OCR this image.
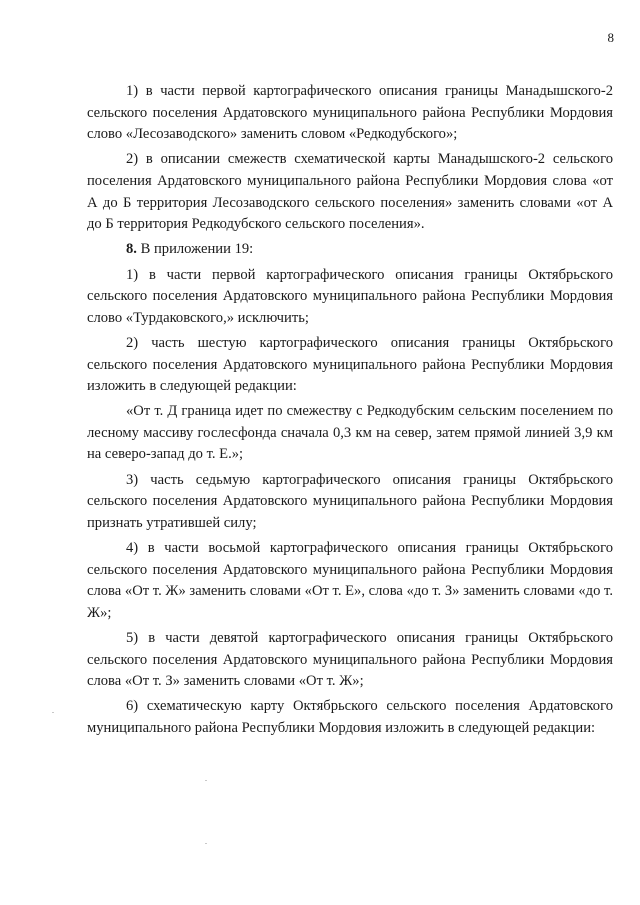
8

1) в части первой картографического описания границы Манадышского-2 сельского поселения Ардатовского муниципального района Республики Мордовия слово «Лесозаводского» заменить словом «Редкодубского»;

2) в описании смежеств схематической карты Манадышского-2 сельского поселения Ардатовского муниципального района Республики Мордовия слова «от А до Б территория Лесозаводского сельского поселения» заменить словами «от А до Б территория Редкодубского сельского поселения».

8. В приложении 19:

1) в части первой картографического описания границы Октябрьского сельского поселения Ардатовского муниципального района Республики Мордовия слово «Турдаковского,» исключить;

2) часть шестую картографического описания границы Октябрьского сельского поселения Ардатовского муниципального района Республики Мордовия изложить в следующей редакции:

«От т. Д граница идет по смежеству с Редкодубским сельским поселением по лесному массиву гослесфонда сначала 0,3 км на север, затем прямой линией 3,9 км на северо-запад до т. Е.»;

3) часть седьмую картографического описания границы Октябрьского сельского поселения Ардатовского муниципального района Республики Мордовия признать утратившей силу;

4) в части восьмой картографического описания границы Октябрьского сельского поселения Ардатовского муниципального района Республики Мордовия слова «От т. Ж» заменить словами «От т. Е», слова «до т. З» заменить словами «до т. Ж»;

5) в части девятой картографического описания границы Октябрьского сельского поселения Ардатовского муниципального района Республики Мордовия слова «От т. З» заменить словами «От т. Ж»;

6) схематическую карту Октябрьского сельского поселения Ардатовского муниципального района Республики Мордовия изложить в следующей редакции:
